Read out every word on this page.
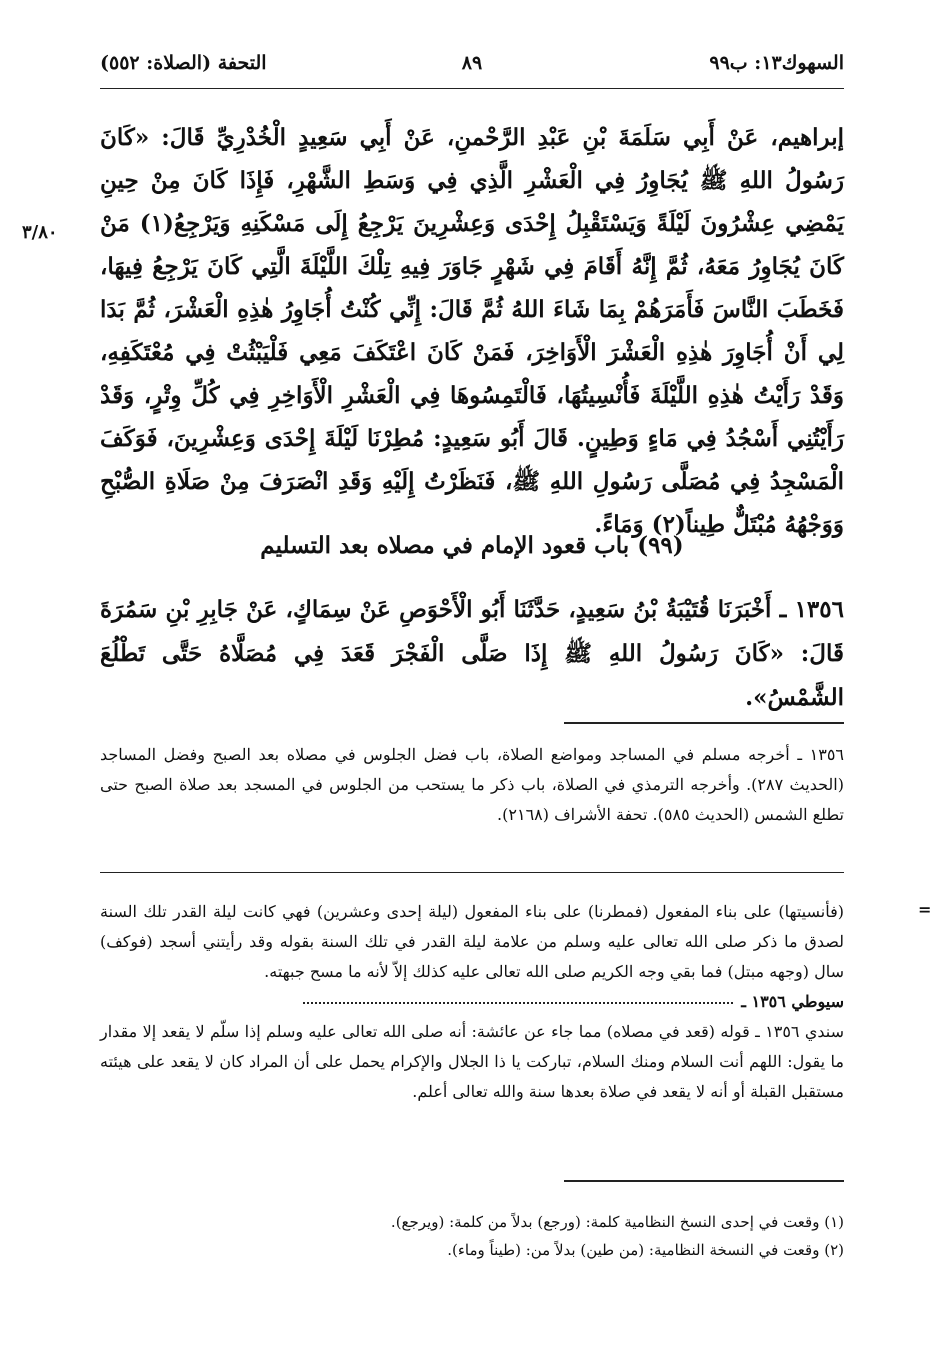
السهوك١٣: ب٩٩
٨٩
التحفة (الصلاة: ٥٥٢)
٣/٨٠

إبراهيم، عَنْ أَبِي سَلَمَةَ بْنِ عَبْدِ الرَّحْمنِ، عَنْ أَبِي سَعِيدٍ الْخُدْرِيِّ قَالَ: «كَانَ رَسُولُ اللهِ ﷺ يُجَاوِرُ فِي الْعَشْرِ الَّذِي فِي وَسَطِ الشَّهْرِ، فَإِذَا كَانَ مِنْ حِينِ يَمْضِي عِشْرُونَ لَيْلَةً وَيَسْتَقْبِلُ إِحْدَى وَعِشْرِينَ يَرْجِعُ إِلَى مَسْكَنِهِ وَيَرْجِعُ(١) مَنْ كَانَ يُجَاوِرُ مَعَهُ، ثُمَّ إِنَّهُ أَقَامَ فِي شَهْرٍ جَاوَرَ فِيهِ تِلْكَ اللَّيْلَةَ الَّتِي كَانَ يَرْجِعُ فِيهَا، فَخَطَبَ النَّاسَ فَأَمَرَهُمْ بِمَا شَاءَ اللهُ ثُمَّ قَالَ: إِنِّي كُنْتُ أُجَاوِرُ هٰذِهِ الْعَشْرَ، ثُمَّ بَدَا لِي أَنْ أُجَاوِرَ هٰذِهِ الْعَشْرَ الْأَوَاخِرَ، فَمَنْ كَانَ اعْتَكَفَ مَعِي فَلْيَبْثُتْ فِي مُعْتَكَفِهِ، وَقَدْ رَأَيْتُ هٰذِهِ اللَّيْلَةَ فَأُنْسِيتُهَا، فَالْتَمِسُوهَا فِي الْعَشْرِ الْأَوَاخِرِ فِي كُلِّ وِتْرٍ، وَقَدْ رَأَيْتُنِي أَسْجُدُ فِي مَاءٍ وَطِينٍ. قَالَ أَبُو سَعِيدٍ: مُطِرْنَا لَيْلَةَ إِحْدَى وَعِشْرِينَ، فَوَكَفَ الْمَسْجِدُ فِي مُصَلَّى رَسُولِ اللهِ ﷺ، فَنَظَرْتُ إِلَيْهِ وَقَدِ انْصَرَفَ مِنْ صَلَاةِ الصُّبْحِ وَوَجْهُهُ مُبْتَلٌّ طِيناً(٢) وَمَاءً.

(٩٩) باب قعود الإمام في مصلاه بعد التسليم
١٣٥٦ ـ أَخْبَرَنَا قُتَيْبَةُ بْنُ سَعِيدٍ، حَدَّثَنَا أَبُو الْأَحْوَصِ عَنْ سِمَاكٍ، عَنْ جَابِرِ بْنِ سَمُرَةَ قَالَ: «كَانَ رَسُولُ اللهِ ﷺ إِذَا صَلَّى الْفَجْرَ قَعَدَ فِي مُصَلَّاهُ حَتَّى تَطْلُعَ الشَّمْسُ».
١٣٥٦ ـ أخرجه مسلم في المساجد ومواضع الصلاة، باب فضل الجلوس في مصلاه بعد الصبح وفضل المساجد (الحديث ٢٨٧). وأخرجه الترمذي في الصلاة، باب ذكر ما يستحب من الجلوس في المسجد بعد صلاة الصبح حتى تطلع الشمس (الحديث ٥٨٥). تحفة الأشراف (٢١٦٨).
=
(فأنسيتها) على بناء المفعول (فمطرنا) على بناء المفعول (ليلة إحدى وعشرين) فهي كانت ليلة القدر تلك السنة لصدق ما ذكر صلى الله تعالى عليه وسلم من علامة ليلة القدر في تلك السنة بقوله وقد رأيتني أسجد (فوكف) سال (وجهه مبتل) فما بقي وجه الكريم صلى الله تعالى عليه كذلك إلاّ لأنه ما مسح جبهته.
سيوطي ١٣٥٦ ـ
سندي ١٣٥٦ ـ قوله (قعد في مصلاه) مما جاء عن عائشة: أنه صلى الله تعالى عليه وسلم إذا سلّم لا يقعد إلا مقدار ما يقول: اللهم أنت السلام ومنك السلام، تباركت يا ذا الجلال والإكرام يحمل على أن المراد كان لا يقعد على هيئته مستقبل القبلة أو أنه لا يقعد في صلاة بعدها سنة والله تعالى أعلم.
(١) وقعت في إحدى النسخ النظامية كلمة: (ورجع) بدلاً من كلمة: (ويرجع).
(٢) وقعت في النسخة النظامية: (من طين) بدلاً من: (طيناً وماء).
